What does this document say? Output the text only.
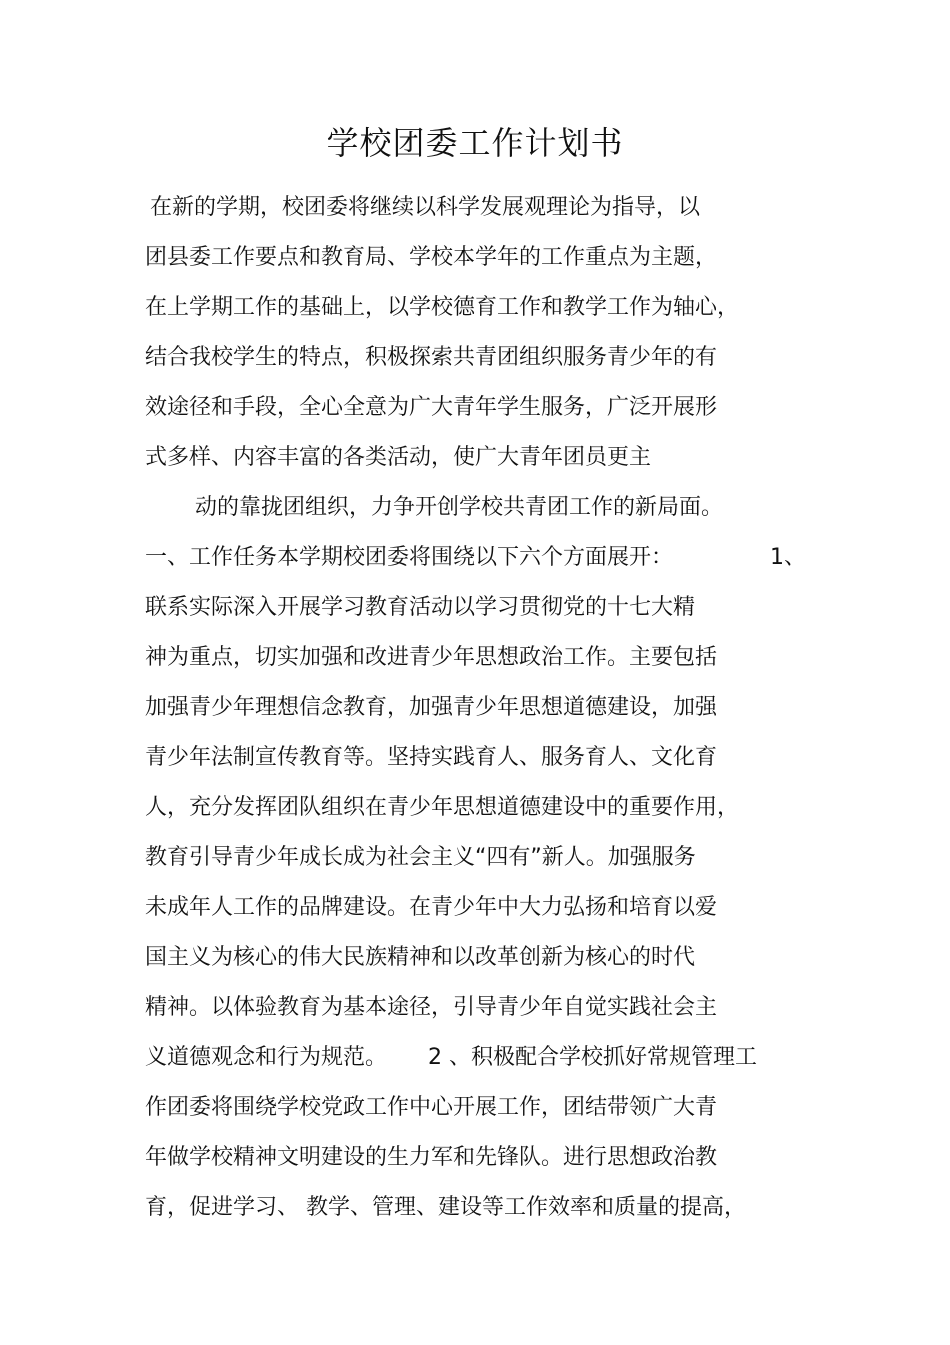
学校团委工作计划书
在新的学期，校团委将继续以科学发展观理论为指导，以
团县委工作要点和教育局、学校本学年的工作重点为主题，
在上学期工作的基础上，以学校德育工作和教学工作为轴心，
结合我校学生的特点，积极探索共青团组织服务青少年的有
效途径和手段，全心全意为广大青年学生服务，广泛开展形
式多样、内容丰富的各类活动，使广大青年团员更主
动的靠拢团组织，力争开创学校共青团工作的新局面。
一、工作任务本学期校团委将围绕以下六个方面展开：	1、
联系实际深入开展学习教育活动以学习贯彻党的十七大精
神为重点，切实加强和改进青少年思想政治工作。主要包括
加强青少年理想信念教育，加强青少年思想道德建设，加强
青少年法制宣传教育等。坚持实践育人、服务育人、文化育
人，充分发挥团队组织在青少年思想道德建设中的重要作用，
教育引导青少年成长成为社会主义“四有”新人。加强服务
未成年人工作的品牌建设。在青少年中大力弘扬和培育以爱
国主义为核心的伟大民族精神和以改革创新为核心的时代
精神。以体验教育为基本途径，引导青少年自觉实践社会主
义道德观念和行为规范。 2 、积极配合学校抓好常规管理工
作团委将围绕学校党政工作中心开展工作，团结带领广大青
年做学校精神文明建设的生力军和先锋队。进行思想政治教
育，促进学习、 教学、管理、建设等工作效率和质量的提高，
